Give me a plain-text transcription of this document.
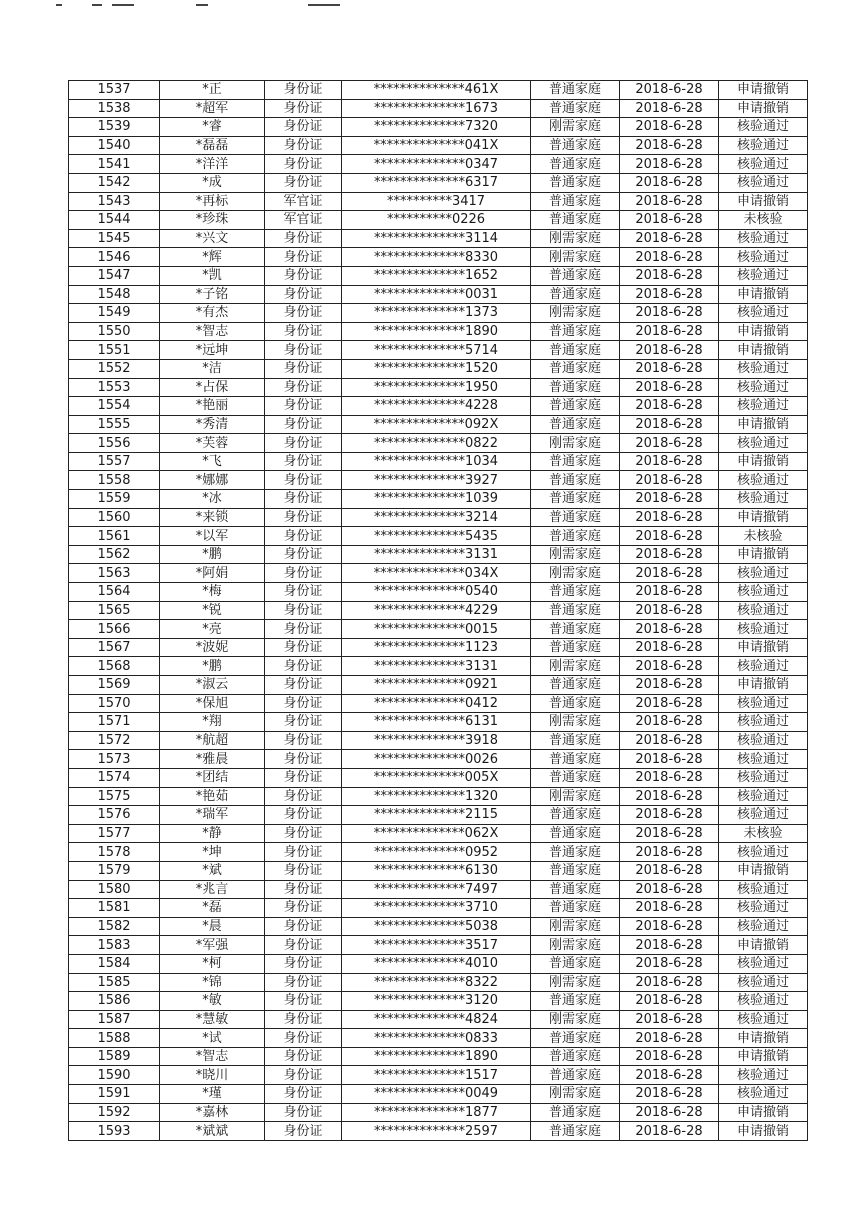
1537	*正	身份证	**************461X	普通家庭	2018-6-28	申请撤销
1538	*超军	身份证	**************1673	普通家庭	2018-6-28	申请撤销
1539	*睿	身份证	**************7320	刚需家庭	2018-6-28	核验通过
1540	*磊磊	身份证	**************041X	普通家庭	2018-6-28	核验通过
1541	*洋洋	身份证	**************0347	普通家庭	2018-6-28	核验通过
1542	*成	身份证	**************6317	普通家庭	2018-6-28	核验通过
1543	*再标	军官证	**********3417	普通家庭	2018-6-28	申请撤销
1544	*珍珠	军官证	**********0226	普通家庭	2018-6-28	未核验
1545	*兴文	身份证	**************3114	刚需家庭	2018-6-28	核验通过
1546	*辉	身份证	**************8330	刚需家庭	2018-6-28	核验通过
1547	*凯	身份证	**************1652	普通家庭	2018-6-28	核验通过
1548	*子铭	身份证	**************0031	普通家庭	2018-6-28	申请撤销
1549	*有杰	身份证	**************1373	刚需家庭	2018-6-28	核验通过
1550	*智志	身份证	**************1890	普通家庭	2018-6-28	申请撤销
1551	*远坤	身份证	**************5714	普通家庭	2018-6-28	申请撤销
1552	*洁	身份证	**************1520	普通家庭	2018-6-28	核验通过
1553	*占保	身份证	**************1950	普通家庭	2018-6-28	核验通过
1554	*艳丽	身份证	**************4228	普通家庭	2018-6-28	核验通过
1555	*秀清	身份证	**************092X	普通家庭	2018-6-28	申请撤销
1556	*芙蓉	身份证	**************0822	刚需家庭	2018-6-28	核验通过
1557	*飞	身份证	**************1034	普通家庭	2018-6-28	申请撤销
1558	*娜娜	身份证	**************3927	普通家庭	2018-6-28	核验通过
1559	*冰	身份证	**************1039	普通家庭	2018-6-28	核验通过
1560	*来锁	身份证	**************3214	普通家庭	2018-6-28	申请撤销
1561	*以军	身份证	**************5435	普通家庭	2018-6-28	未核验
1562	*鹏	身份证	**************3131	刚需家庭	2018-6-28	申请撤销
1563	*阿娟	身份证	**************034X	刚需家庭	2018-6-28	核验通过
1564	*梅	身份证	**************0540	普通家庭	2018-6-28	核验通过
1565	*锐	身份证	**************4229	普通家庭	2018-6-28	核验通过
1566	*亮	身份证	**************0015	普通家庭	2018-6-28	核验通过
1567	*波妮	身份证	**************1123	普通家庭	2018-6-28	申请撤销
1568	*鹏	身份证	**************3131	刚需家庭	2018-6-28	核验通过
1569	*淑云	身份证	**************0921	普通家庭	2018-6-28	申请撤销
1570	*保旭	身份证	**************0412	普通家庭	2018-6-28	核验通过
1571	*翔	身份证	**************6131	刚需家庭	2018-6-28	核验通过
1572	*航超	身份证	**************3918	普通家庭	2018-6-28	核验通过
1573	*雅晨	身份证	**************0026	普通家庭	2018-6-28	核验通过
1574	*团结	身份证	**************005X	普通家庭	2018-6-28	核验通过
1575	*艳茹	身份证	**************1320	刚需家庭	2018-6-28	核验通过
1576	*瑞军	身份证	**************2115	普通家庭	2018-6-28	核验通过
1577	*静	身份证	**************062X	普通家庭	2018-6-28	未核验
1578	*坤	身份证	**************0952	普通家庭	2018-6-28	核验通过
1579	*斌	身份证	**************6130	普通家庭	2018-6-28	申请撤销
1580	*兆言	身份证	**************7497	普通家庭	2018-6-28	核验通过
1581	*磊	身份证	**************3710	普通家庭	2018-6-28	核验通过
1582	*晨	身份证	**************5038	刚需家庭	2018-6-28	核验通过
1583	*军强	身份证	**************3517	刚需家庭	2018-6-28	申请撤销
1584	*柯	身份证	**************4010	普通家庭	2018-6-28	核验通过
1585	*锦	身份证	**************8322	刚需家庭	2018-6-28	核验通过
1586	*敏	身份证	**************3120	普通家庭	2018-6-28	核验通过
1587	*慧敏	身份证	**************4824	刚需家庭	2018-6-28	核验通过
1588	*试	身份证	**************0833	普通家庭	2018-6-28	申请撤销
1589	*智志	身份证	**************1890	普通家庭	2018-6-28	申请撤销
1590	*晓川	身份证	**************1517	普通家庭	2018-6-28	核验通过
1591	*瑾	身份证	**************0049	刚需家庭	2018-6-28	核验通过
1592	*嘉林	身份证	**************1877	普通家庭	2018-6-28	申请撤销
1593	*斌斌	身份证	**************2597	普通家庭	2018-6-28	申请撤销
